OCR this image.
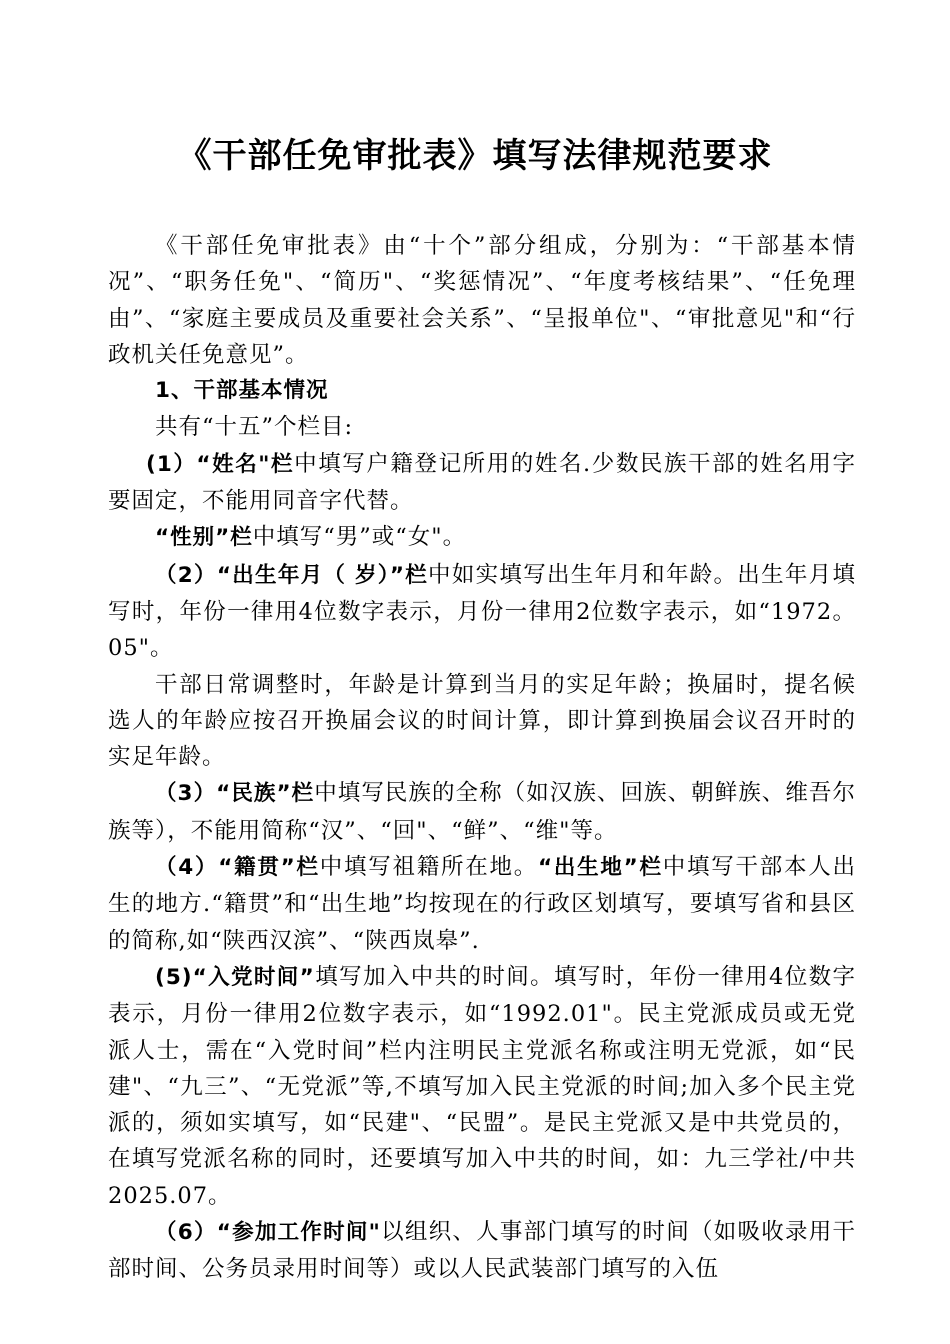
《干部任免审批表》填写法律规范要求

《干部任免审批表》由“十个”部分组成，分别为：“干部基本情况”、“职务任免"、“简历"、“奖惩情况”、“年度考核结果”、“任免理由”、“家庭主要成员及重要社会关系”、“呈报单位"、“审批意见"和“行政机关任免意见”。

1、干部基本情况

共有“十五”个栏目:

(1）“姓名"栏中填写户籍登记所用的姓名.少数民族干部的姓名用字要固定，不能用同音字代替。

“性别”栏中填写“男”或“女"。

（2）“出生年月（ 岁）”栏中如实填写出生年月和年龄。出生年月填写时，年份一律用4位数字表示，月份一律用2位数字表示，如“1972。05"。

干部日常调整时，年龄是计算到当月的实足年龄；换届时，提名候选人的年龄应按召开换届会议的时间计算，即计算到换届会议召开时的实足年龄。

（3）“民族”栏中填写民族的全称（如汉族、回族、朝鲜族、维吾尔族等），不能用简称“汉”、“回"、“鲜”、“维"等。

（4）“籍贯”栏中填写祖籍所在地。“出生地”栏中填写干部本人出生的地方.“籍贯”和“出生地”均按现在的行政区划填写，要填写省和县区的简称,如“陕西汉滨”、“陕西岚皋”.

(5)“入党时间”填写加入中共的时间。填写时，年份一律用4位数字表示，月份一律用2位数字表示，如“1992.01"。民主党派成员或无党派人士，需在“入党时间”栏内注明民主党派名称或注明无党派，如“民建"、“九三”、“无党派”等,不填写加入民主党派的时间;加入多个民主党派的，须如实填写，如“民建"、“民盟”。是民主党派又是中共党员的，在填写党派名称的同时，还要填写加入中共的时间，如：九三学社/中共2025.07。

（6）“参加工作时间"以组织、人事部门填写的时间（如吸收录用干部时间、公务员录用时间等）或以人民武装部门填写的入伍
